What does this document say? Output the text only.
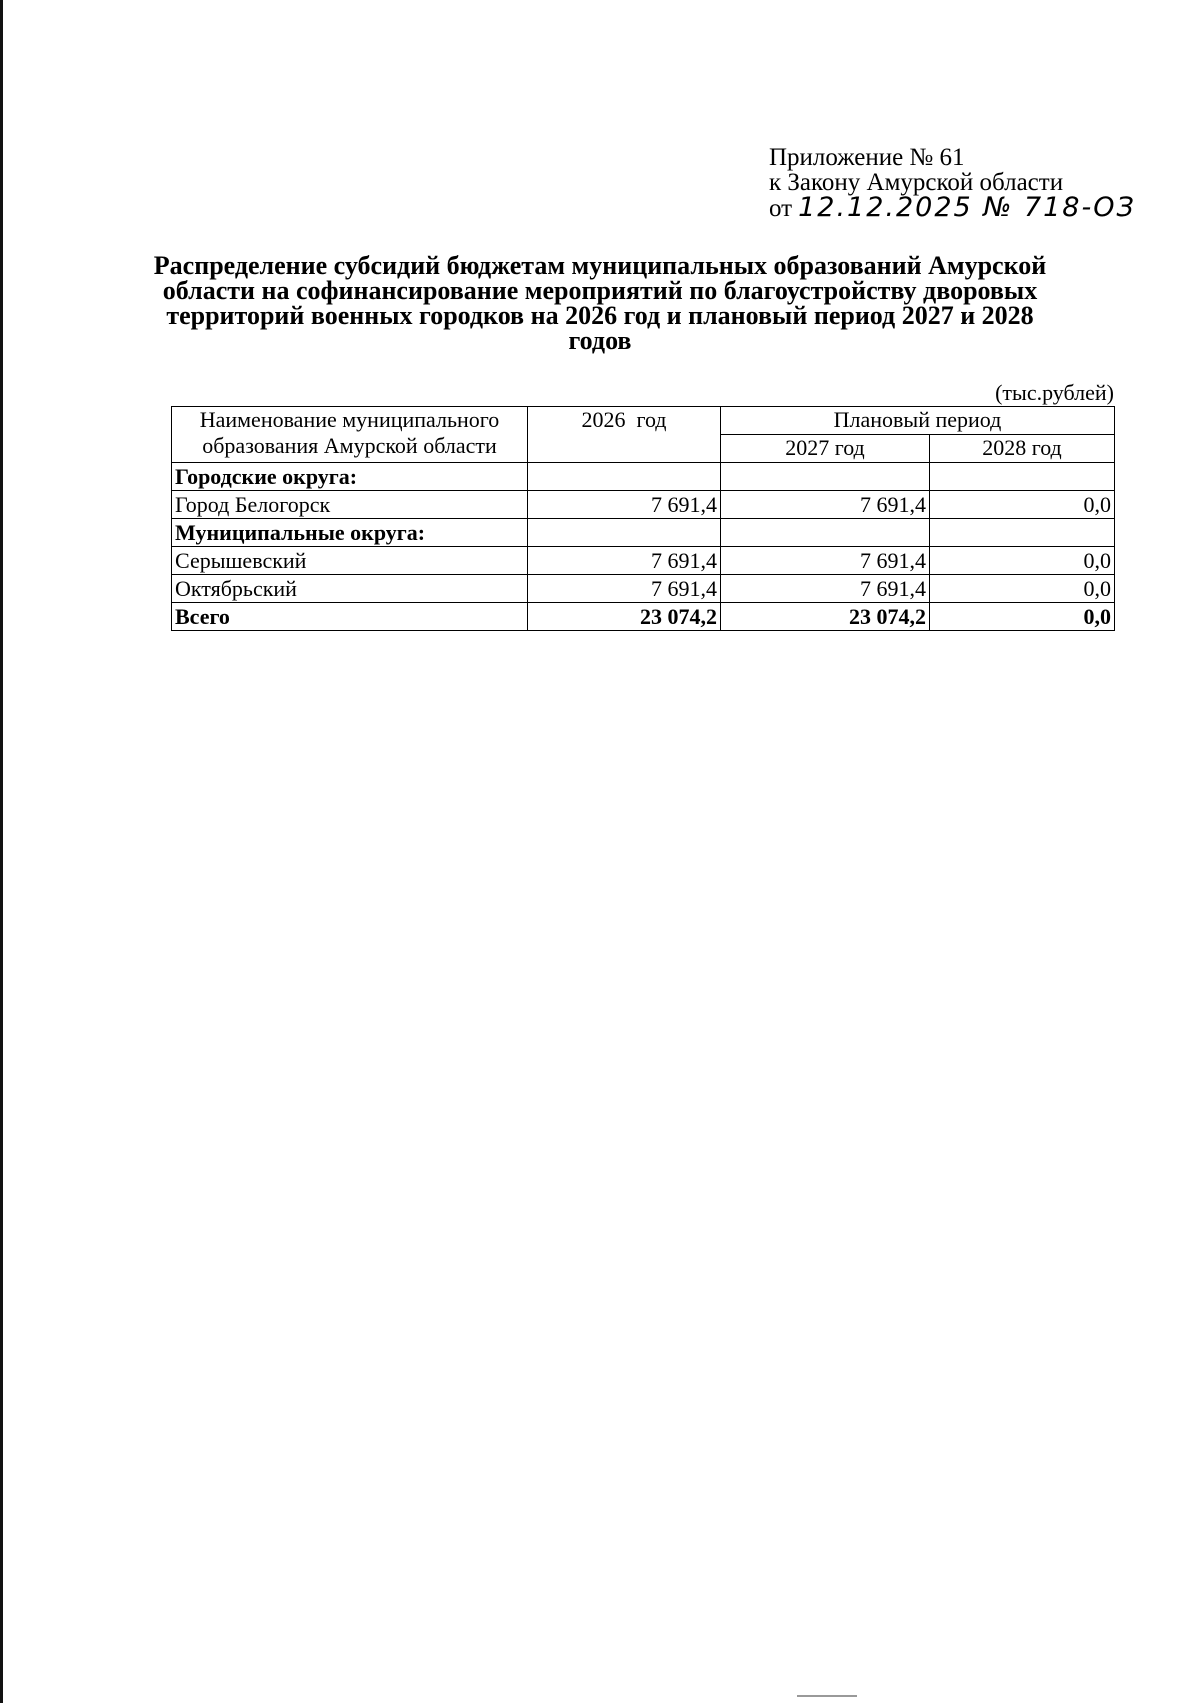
Приложение № 61
к Закону Амурской области
от 12.12.2025 № 718-ОЗ
Распределение субсидий бюджетам муниципальных образований Амурской области на софинансирование мероприятий по благоустройству дворовых территорий военных городков на 2026 год и плановый период 2027 и 2028 годов
(тыс.рублей)
Наименование муниципального
образования Амурской области	2026  год	Плановый период	
		2027 год	2028 год
Городские округа:			
Город Белогорск	7 691,4	7 691,4	0,0
Муниципальные округа:			
Серышевский	7 691,4	7 691,4	0,0
Октябрьский	7 691,4	7 691,4	0,0
Всего	23 074,2	23 074,2	0,0
